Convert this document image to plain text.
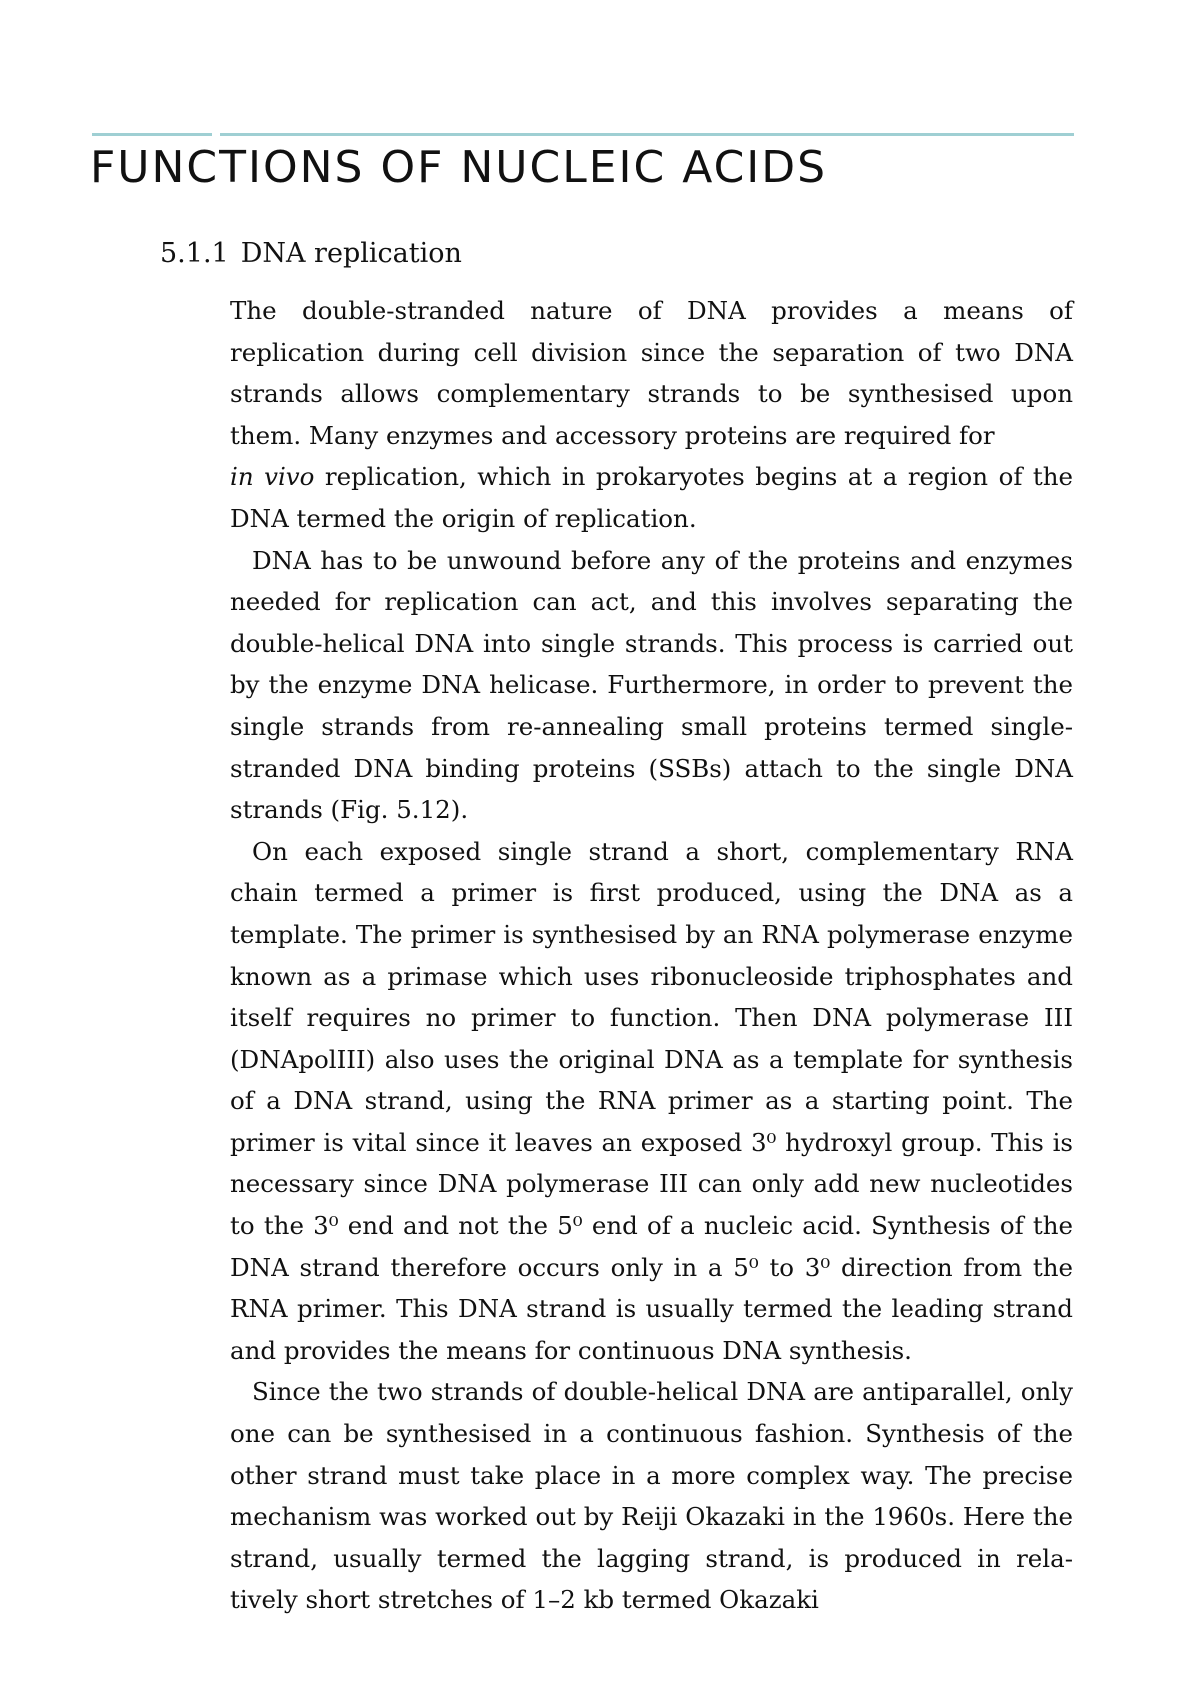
FUNCTIONS OF NUCLEIC ACIDS
5.1.1 DNA replication

The double-stranded nature of DNA provides a means of replication during cell division since the separation of two DNA strands allows complementary strands to be synthesised upon them. Many enzymes and accessory proteins are required for
in vivo replication, which in prokaryotes begins at a region of the DNA termed the origin of replication.

DNA has to be unwound before any of the proteins and enzymes needed for replication can act, and this involves separating the double-helical DNA into single strands. This process is carried out by the enzyme DNA helicase. Furthermore, in order to prevent the single strands from re-annealing small proteins termed single-stranded DNA binding proteins (SSBs) attach to the single DNA strands (Fig. 5.12).

On each exposed single strand a short, complementary RNA chain termed a primer is first produced, using the DNA as a template. The primer is synthesised by an RNA polymerase enzyme known as a primase which uses ribonucleoside triphosphates and itself requires no primer to function. Then DNA polymerase III (DNApolIII) also uses the original DNA as a template for synthesis of a DNA strand, using the RNA primer as a starting point. The primer is vital since it leaves an exposed 3⁰ hydroxyl group. This is necessary since DNA polymerase III can only add new nucleotides to the 3⁰ end and not the 5⁰ end of a nucleic acid. Synthesis of the DNA strand therefore occurs only in a 5⁰ to 3⁰ direction from the RNA primer. This DNA strand is usually termed the leading strand and provides the means for continuous DNA synthesis.

Since the two strands of double-helical DNA are antiparallel, only one can be synthesised in a continuous fashion. Synthesis of the other strand must take place in a more complex way. The precise mechanism was worked out by Reiji Okazaki in the 1960s. Here the strand, usually termed the lagging strand, is produced in rela- tively short stretches of 1–2 kb termed Okazaki
